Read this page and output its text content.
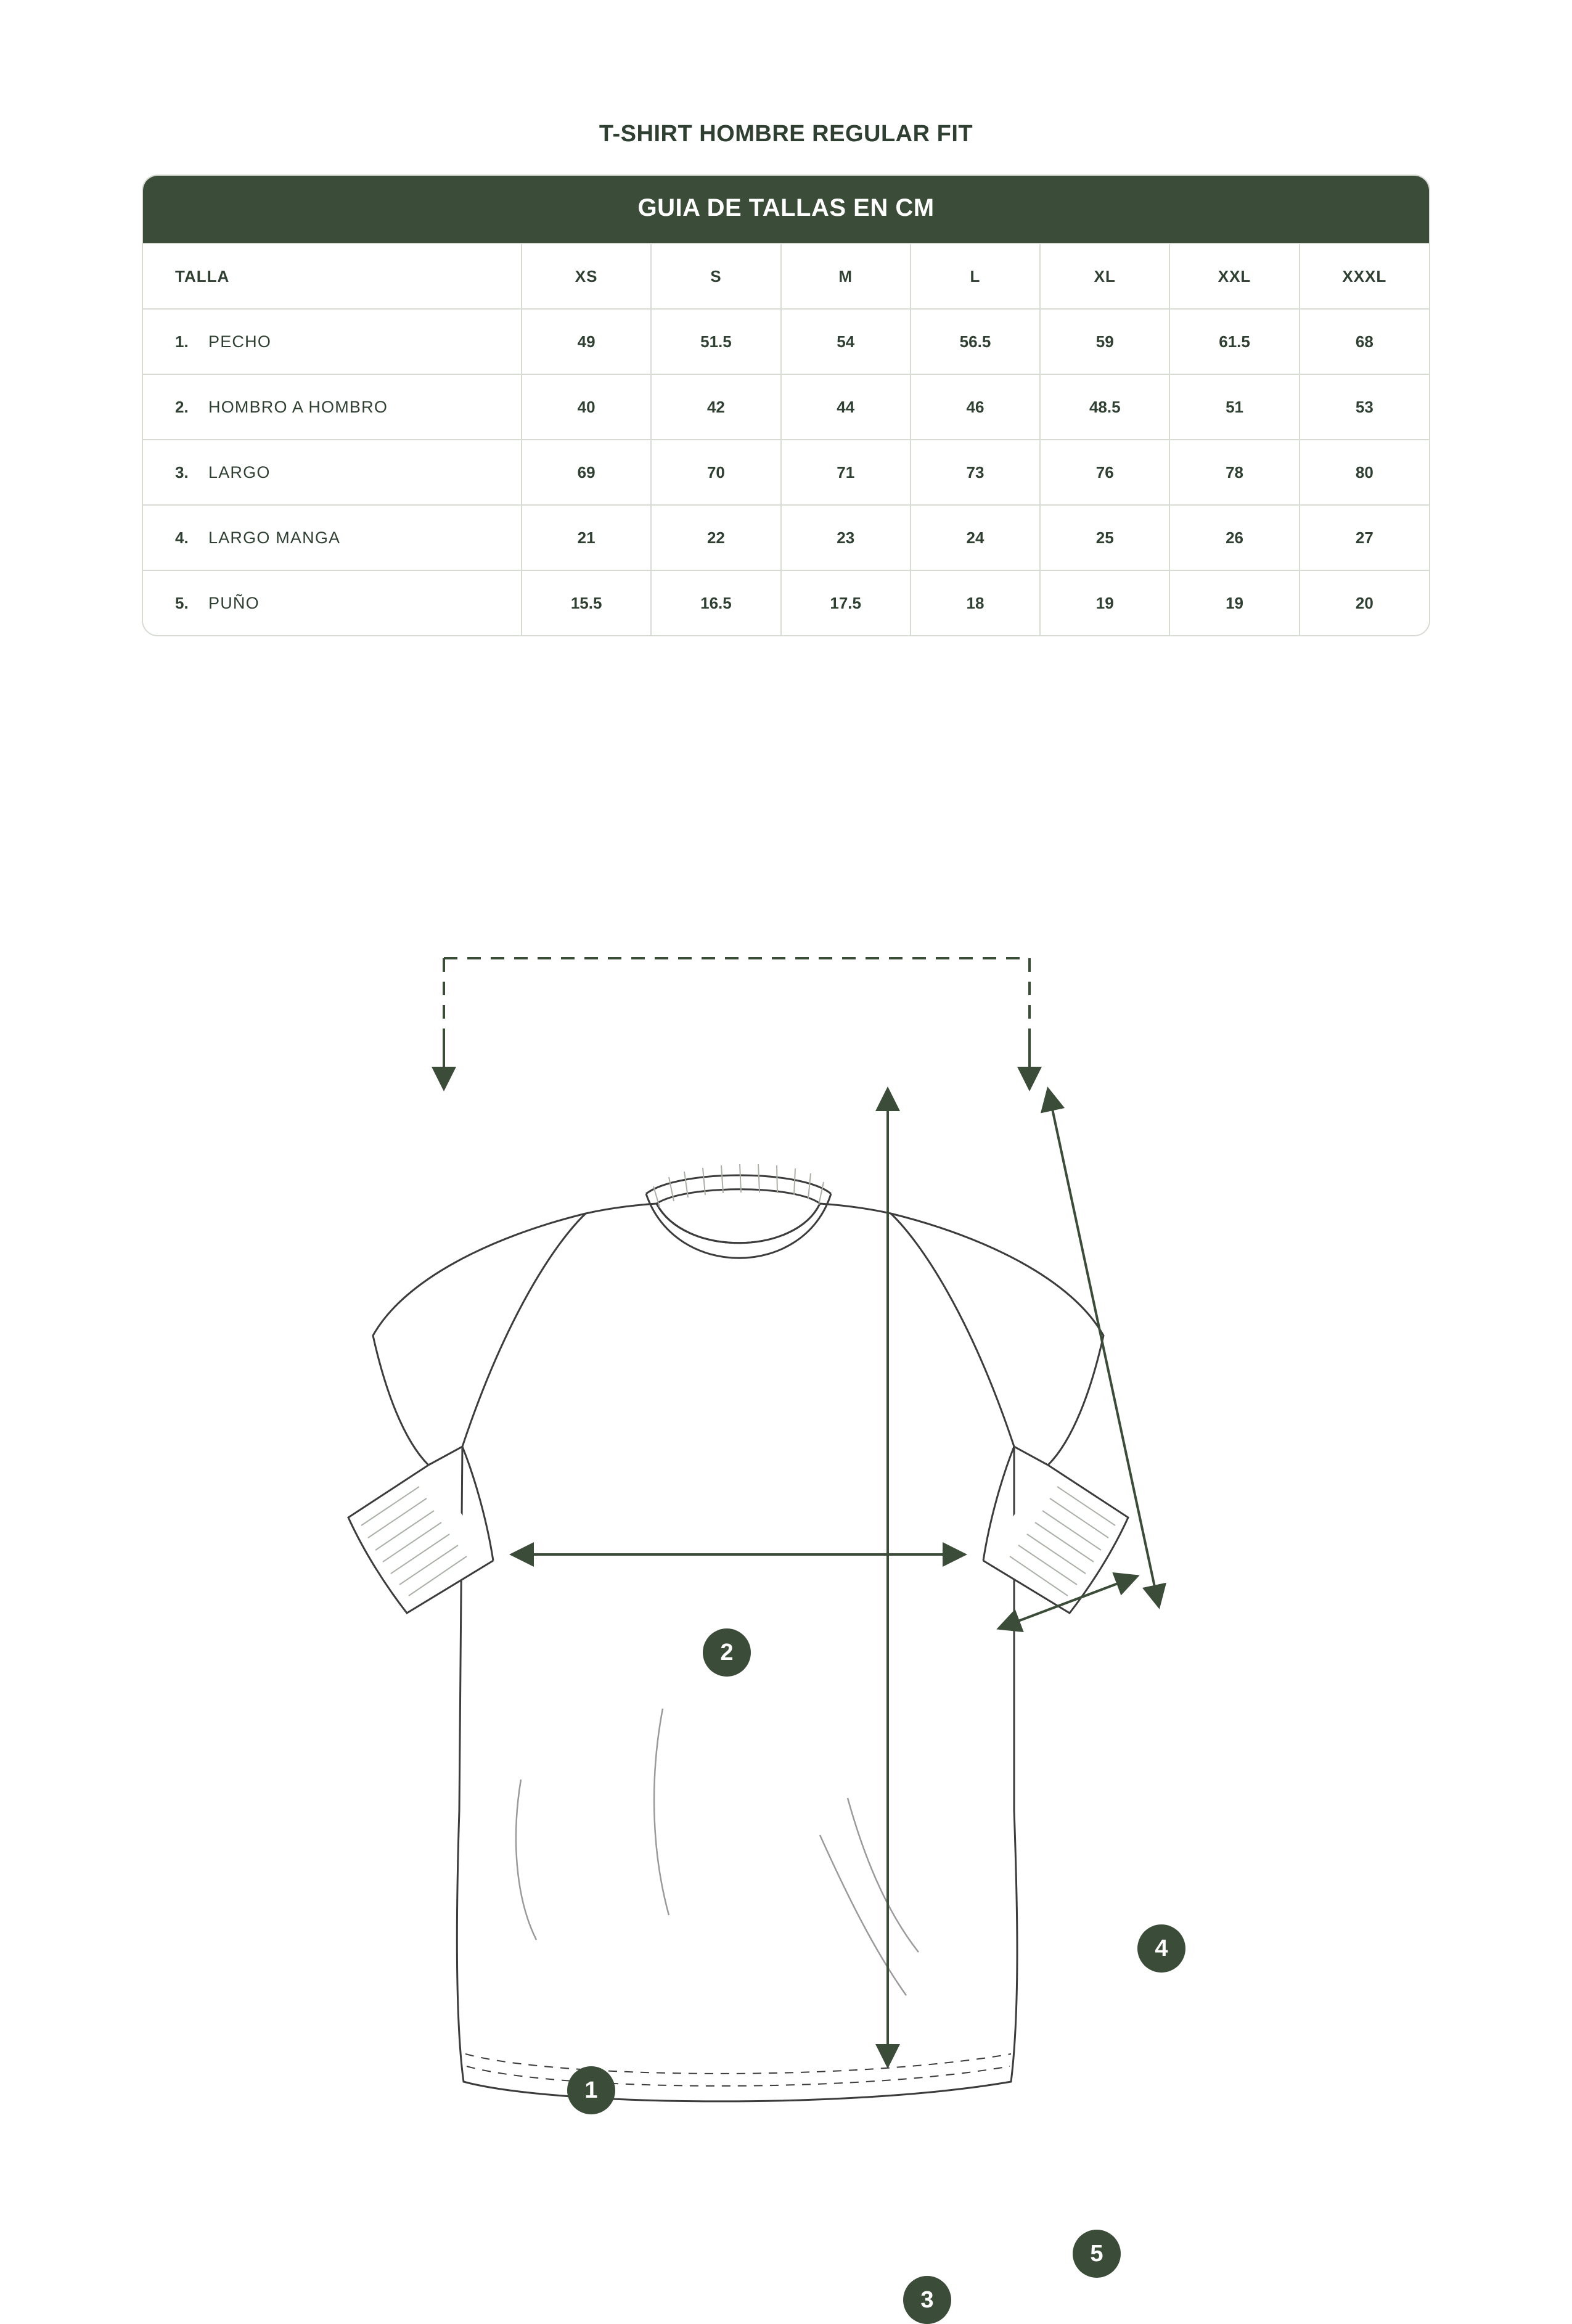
T-SHIRT HOMBRE REGULAR FIT
GUIA DE TALLAS EN CM
TALLA	XS	S	M	L	XL	XXL	XXXL
1. PECHO	49	51.5	54	56.5	59	61.5	68
2. HOMBRO A HOMBRO	40	42	44	46	48.5	51	53
3. LARGO	69	70	71	73	76	78	80
4. LARGO MANGA	21	22	23	24	25	26	27
5. PUÑO	15.5	16.5	17.5	18	19	19	20
1
2
3
4
5
